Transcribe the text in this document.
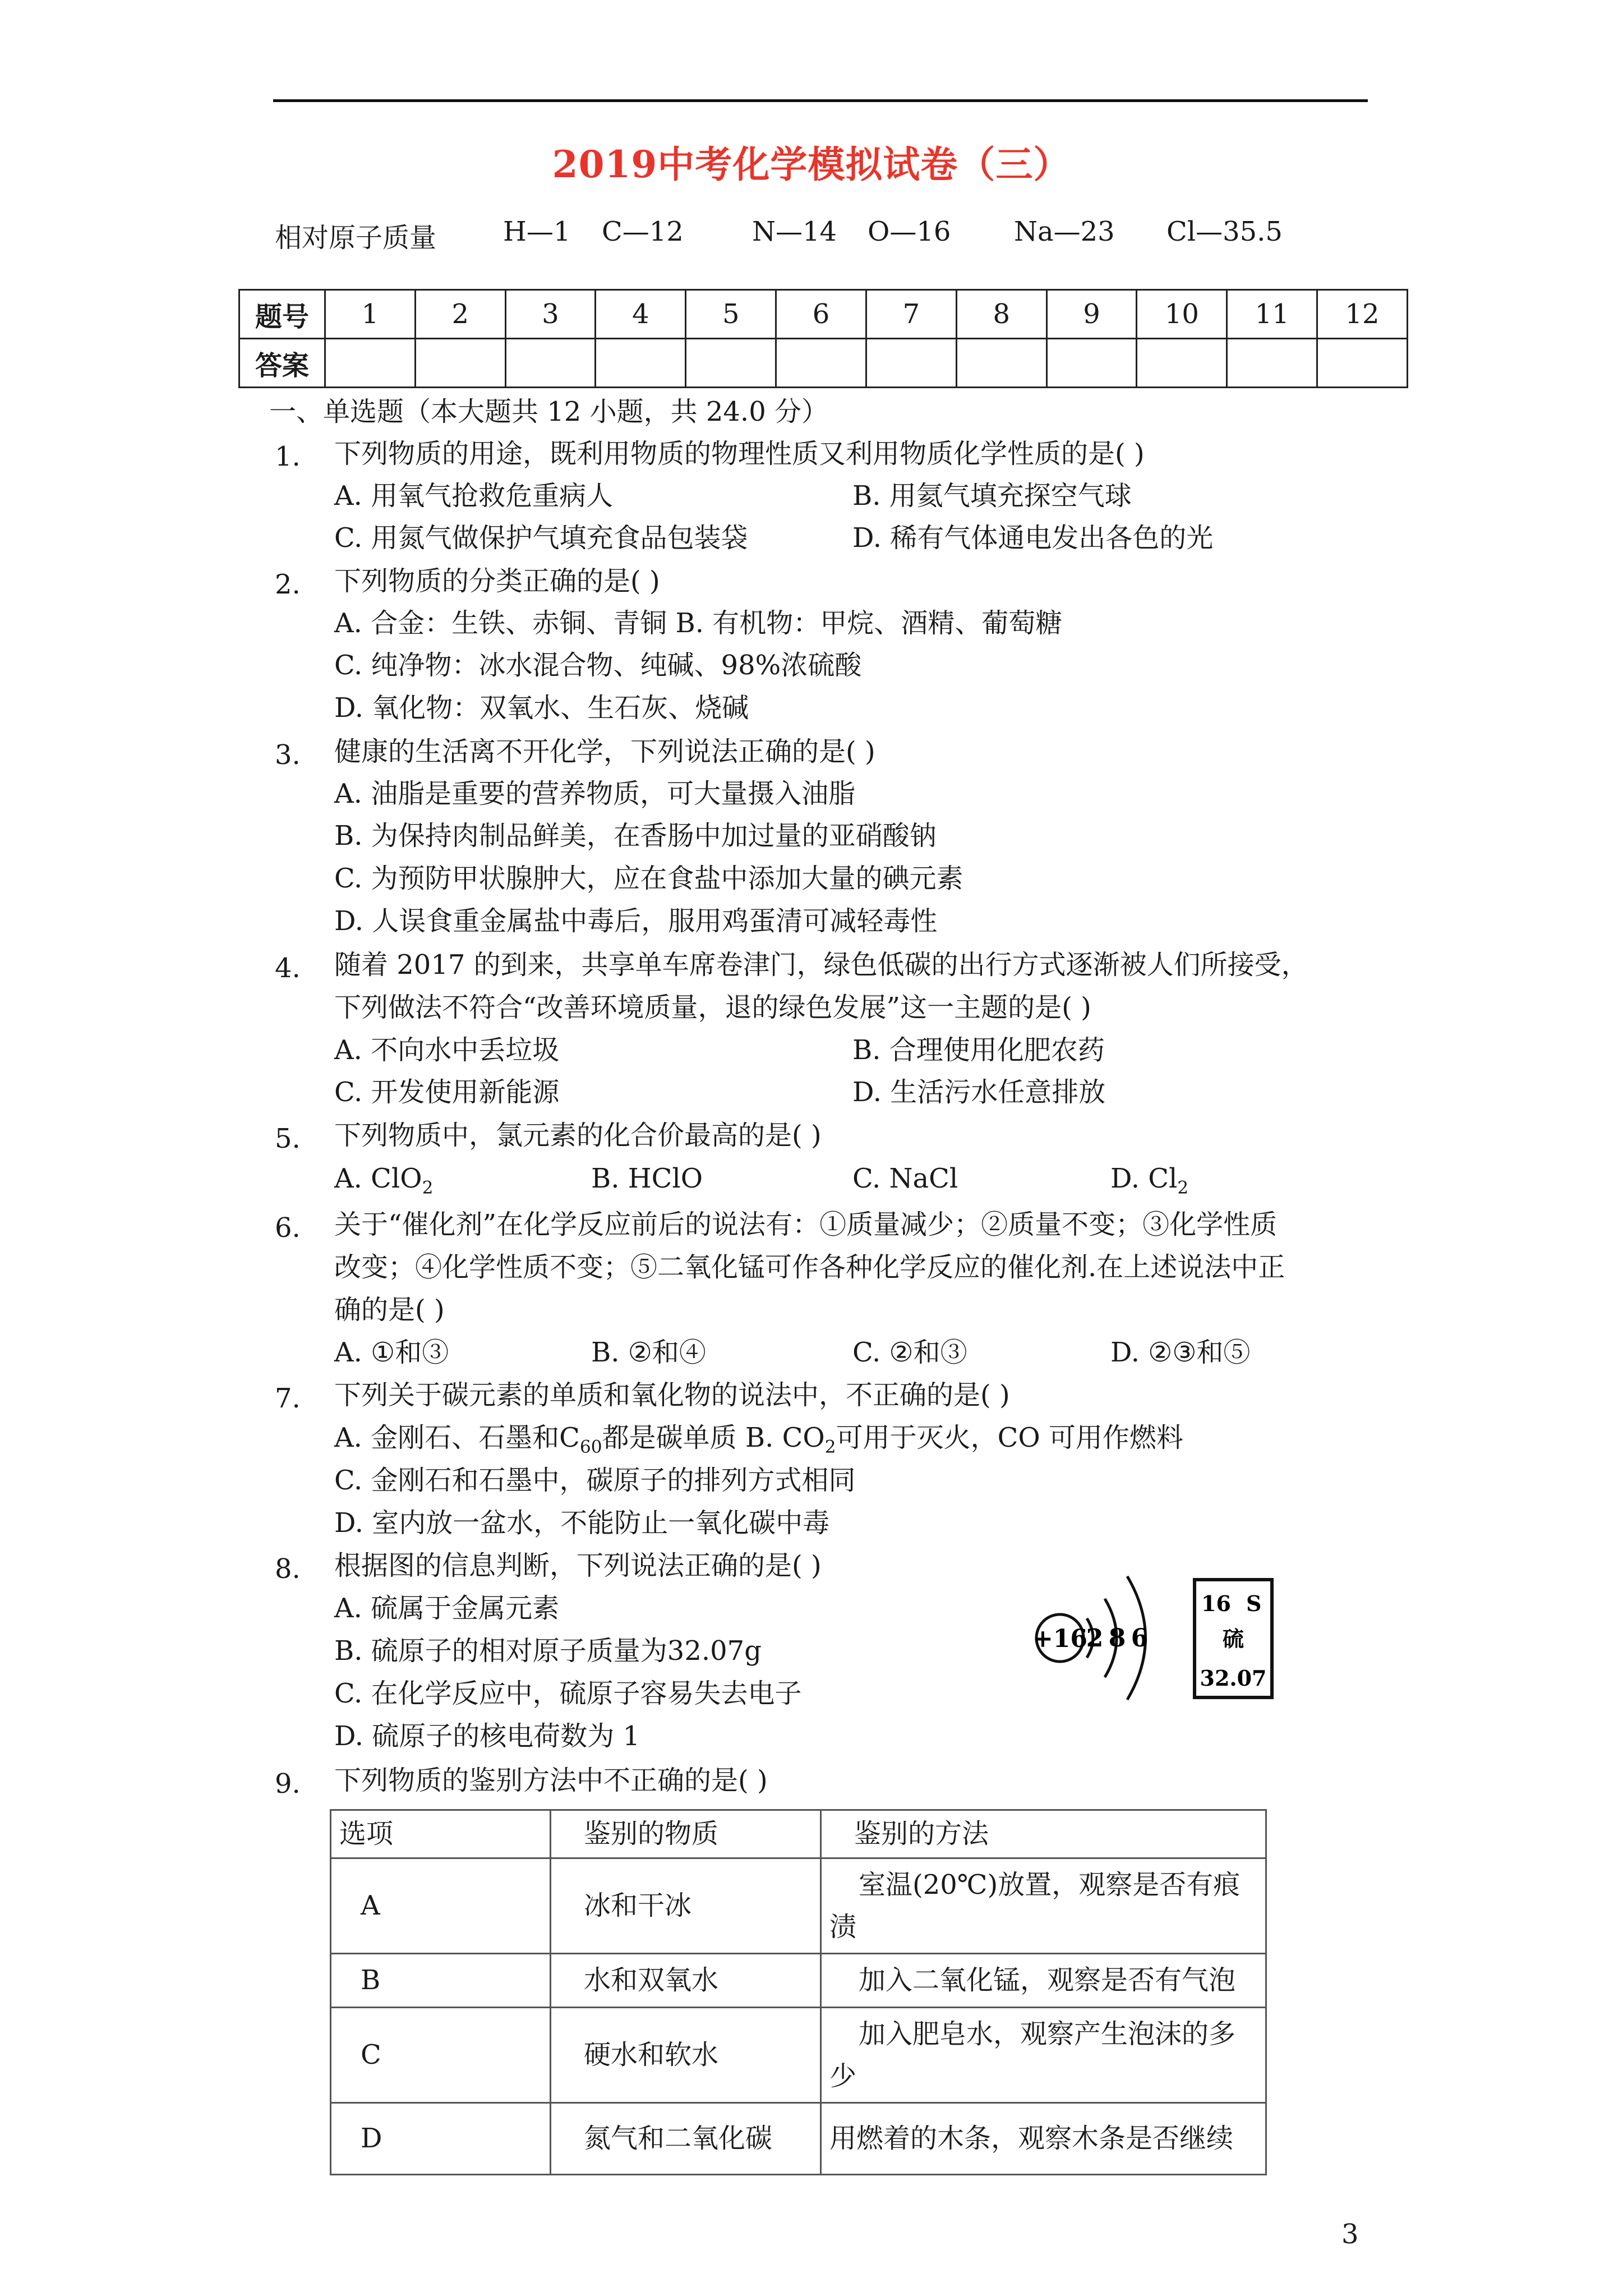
2019中考化学模拟试卷（三）
相对原子质量 H—1 C—12	N—14 O—16 Na—23 Cl—35.5
题号	1	2	3	4	5	6	7	8	9	10	11	12
答案												
一、单选题（本大题共 12 小题，共 24.0 分）
1. 下列物质的用途，既利用物质的物理性质又利用物质化学性质的是( )
A. 用氧气抢救危重病人	B. 用氦气填充探空气球
C. 用氮气做保护气填充食品包装袋	D. 稀有气体通电发出各色的光
2. 下列物质的分类正确的是( )
A. 合金：生铁、赤铜、青铜 B. 有机物：甲烷、酒精、葡萄糖
C. 纯净物：冰水混合物、纯碱、98%浓硫酸
D. 氧化物：双氧水、生石灰、烧碱
3. 健康的生活离不开化学，下列说法正确的是( )
A. 油脂是重要的营养物质，可大量摄入油脂
B. 为保持肉制品鲜美，在香肠中加过量的亚硝酸钠
C. 为预防甲状腺肿大，应在食盐中添加大量的碘元素
D. 人误食重金属盐中毒后，服用鸡蛋清可减轻毒性
4. 随着 2017 的到来，共享单车席卷津门，绿色低碳的出行方式逐渐被人们所接受，
下列做法不符合“改善环境质量，退的绿色发展”这一主题的是( )
A. 不向水中丢垃圾	B. 合理使用化肥农药
C. 开发使用新能源	D. 生活污水任意排放
5. 下列物质中，氯元素的化合价最高的是( )
A. ClO$_2$	B. HClO	C. NaCl	D. $Cl_2$
6. 关于“催化剂”在化学反应前后的说法有：①质量减少；②质量不变；③化学性质
改变；④化学性质不变；⑤二氧化锰可作各种化学反应的催化剂.在上述说法中正
确的是( )
A. ①和③	B. ②和④	C. ②和③	D. ②③和⑤
7. 下列关于碳元素的单质和氧化物的说法中，不正确的是( )
A. 金刚石、石墨和$C_{60}$都是碳单质 B. $CO_2$可用于灭火，CO 可用作燃料
C. 金刚石和石墨中，碳原子的排列方式相同
D. 室内放一盆水，不能防止一氧化碳中毒
8. 根据图的信息判断，下列说法正确的是( )
A. 硫属于金属元素
B. 硫原子的相对原子质量为32.07g
C. 在化学反应中，硫原子容易失去电子
D. 硫原子的核电荷数为 1
+16
2 8 6
16 S
硫
32.07
9. 下列物质的鉴别方法中不正确的是( )
选项	鉴别的物质	鉴别的方法
A	冰和干冰	室温(20℃)放置，观察是否有痕
渍

B	水和双氧水	加入二氧化锰，观察是否有气泡

C	硬水和软水	加入肥皂水，观察产生泡沫的多
少

D	氮气和二氧化碳	用燃着的木条，观察木条是否继续
3
